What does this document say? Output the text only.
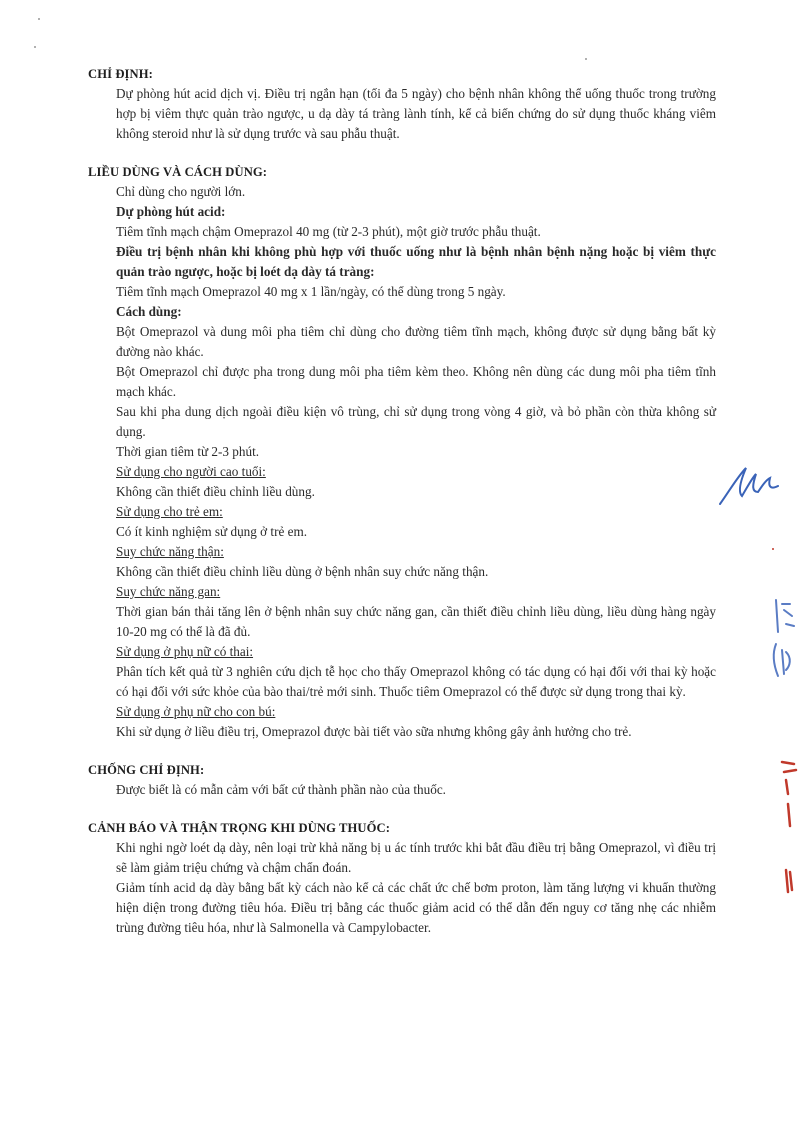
CHỈ ĐỊNH:
Dự phòng hút acid dịch vị. Điều trị ngắn hạn (tối đa 5 ngày) cho bệnh nhân không thể uống thuốc trong trường hợp bị viêm thực quản trào ngược, u dạ dày tá tràng lành tính, kể cả biến chứng do sử dụng thuốc kháng viêm không steroid như là sử dụng trước và sau phẫu thuật.
LIỀU DÙNG VÀ CÁCH DÙNG:
Chỉ dùng cho người lớn.
Dự phòng hút acid:
Tiêm tĩnh mạch chậm Omeprazol 40 mg (từ 2-3 phút), một giờ trước phẫu thuật.
Điều trị bệnh nhân khi không phù hợp với thuốc uống như là bệnh nhân bệnh nặng hoặc bị viêm thực quản trào ngược, hoặc bị loét dạ dày tá tràng:
Tiêm tĩnh mạch Omeprazol 40 mg x 1 lần/ngày, có thể dùng trong 5 ngày.
Cách dùng:
Bột Omeprazol và dung môi pha tiêm chỉ dùng cho đường tiêm tĩnh mạch, không được sử dụng bằng bất kỳ đường nào khác.
Bột Omeprazol chỉ được pha trong dung môi pha tiêm kèm theo. Không nên dùng các dung môi pha tiêm tĩnh mạch khác.
Sau khi pha dung dịch ngoài điều kiện vô trùng, chỉ sử dụng trong vòng 4 giờ, và bỏ phần còn thừa không sử dụng.
Thời gian tiêm từ 2-3 phút.
Sử dụng cho người cao tuổi:
Không cần thiết điều chỉnh liều dùng.
Sử dụng cho trẻ em:
Có ít kinh nghiệm sử dụng ở trẻ em.
Suy chức năng thận:
Không cần thiết điều chỉnh liều dùng ở bệnh nhân suy chức năng thận.
Suy chức năng gan:
Thời gian bán thải tăng lên ở bệnh nhân suy chức năng gan, cần thiết điều chỉnh liều dùng, liều dùng hàng ngày 10-20 mg có thể là đã đủ.
Sử dụng ở phụ nữ có thai:
Phân tích kết quả từ 3 nghiên cứu dịch tễ học cho thấy Omeprazol không có tác dụng có hại đối với thai kỳ hoặc có hại đối với sức khỏe của bào thai/trẻ mới sinh. Thuốc tiêm Omeprazol có thể được sử dụng trong thai kỳ.
Sử dụng ở phụ nữ cho con bú:
Khi sử dụng ở liều điều trị, Omeprazol được bài tiết vào sữa nhưng không gây ảnh hưởng cho trẻ.
CHỐNG CHỈ ĐỊNH:
Được biết là có mẫn cảm với bất cứ thành phần nào của thuốc.
CẢNH BÁO VÀ THẬN TRỌNG KHI DÙNG THUỐC:
Khi nghi ngờ loét dạ dày, nên loại trừ khả năng bị u ác tính trước khi bắt đầu điều trị bằng Omeprazol, vì điều trị sẽ làm giảm triệu chứng và chậm chẩn đoán.
Giảm tính acid dạ dày bằng bất kỳ cách nào kể cả các chất ức chế bơm proton, làm tăng lượng vi khuẩn thường hiện diện trong đường tiêu hóa. Điều trị bằng các thuốc giảm acid có thể dẫn đến nguy cơ tăng nhẹ các nhiễm trùng đường tiêu hóa, như là Salmonella và Campylobacter.
